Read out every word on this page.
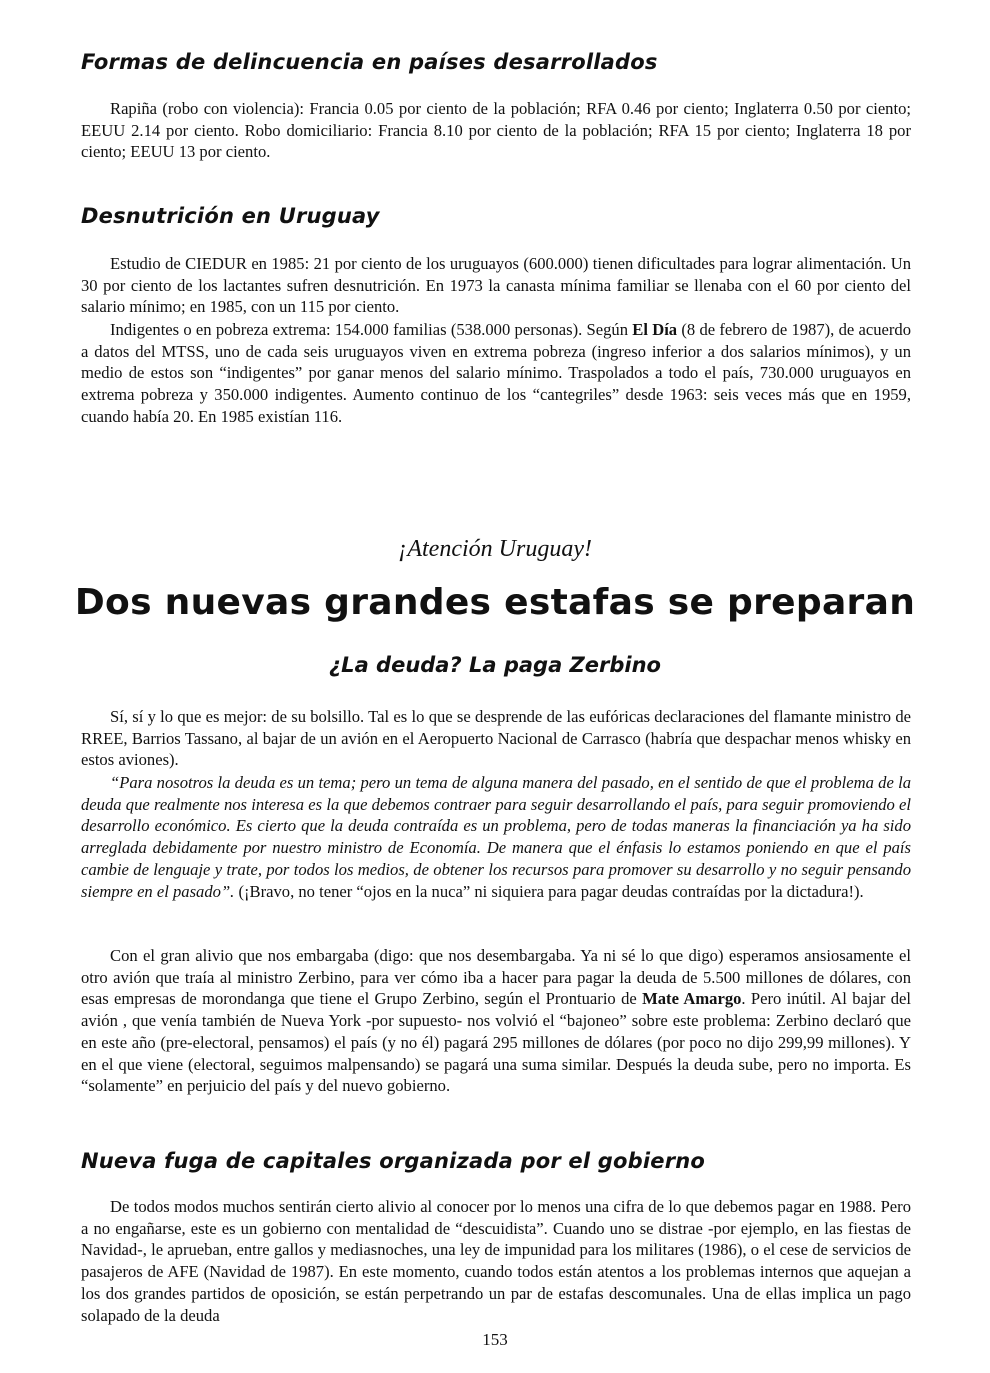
Formas de delincuencia en países desarrollados

Rapiña (robo con violencia): Francia 0.05 por ciento de la población; RFA 0.46 por ciento; Inglaterra 0.50 por ciento; EEUU 2.14 por ciento. Robo domiciliario: Francia 8.10 por ciento de la población; RFA 15 por ciento; Inglaterra 18 por ciento; EEUU 13 por ciento.

Desnutrición en Uruguay

Estudio de CIEDUR en 1985: 21 por ciento de los uruguayos (600.000) tienen dificultades para lograr alimentación. Un 30 por ciento de los lactantes sufren desnutrición. En 1973 la canasta mínima familiar se llenaba con el 60 por ciento del salario mínimo; en 1985, con un 115 por ciento.

Indigentes o en pobreza extrema: 154.000 familias (538.000 personas). Según El Día (8 de febrero de 1987), de acuerdo a datos del MTSS, uno de cada seis uruguayos viven en extrema pobreza (ingreso inferior a dos salarios mínimos), y un medio de estos son “indigentes” por ganar menos del salario mínimo. Traspolados a todo el país, 730.000 uruguayos en extrema pobreza y 350.000 indigentes. Aumento continuo de los “cantegriles” desde 1963: seis veces más que en 1959, cuando había 20. En 1985 existían 116.

¡Atención Uruguay!

Dos nuevas grandes estafas se preparan
¿La deuda? La paga Zerbino

Sí, sí y lo que es mejor: de su bolsillo. Tal es lo que se desprende de las eufóricas declaraciones del flamante ministro de RREE, Barrios Tassano, al bajar de un avión en el Aeropuerto Nacional de Carrasco (habría que despachar menos whisky en estos aviones).

“Para nosotros la deuda es un tema; pero un tema de alguna manera del pasado, en el sentido de que el problema de la deuda que realmente nos interesa es la que debemos contraer para seguir desarrollando el país, para seguir promoviendo el desarrollo económico. Es cierto que la deuda contraída es un problema, pero de todas maneras la financiación ya ha sido arreglada debidamente por nuestro ministro de Economía. De manera que el énfasis lo estamos poniendo en que el país cambie de lenguaje y trate, por todos los medios, de obtener los recursos para promover su desarrollo y no seguir pensando siempre en el pasado”. (¡Bravo, no tener “ojos en la nuca” ni siquiera para pagar deudas contraídas por la dictadura!).

Con el gran alivio que nos embargaba (digo: que nos desembargaba. Ya ni sé lo que digo) esperamos ansiosamente el otro avión que traía al ministro Zerbino, para ver cómo iba a hacer para pagar la deuda de 5.500 millones de dólares, con esas empresas de morondanga que tiene el Grupo Zerbino, según el Prontuario de Mate Amargo. Pero inútil. Al bajar del avión , que venía también de Nueva York -por supuesto- nos volvió el “bajoneo” sobre este problema: Zerbino declaró que en este año (pre-electoral, pensamos) el país (y no él) pagará 295 millones de dólares (por poco no dijo 299,99 millones). Y en el que viene (electoral, seguimos malpensando) se pagará una suma similar. Después la deuda sube, pero no importa. Es “solamente” en perjuicio del país y del nuevo gobierno.

Nueva fuga de capitales organizada por el gobierno

De todos modos muchos sentirán cierto alivio al conocer por lo menos una cifra de lo que debemos pagar en 1988. Pero a no engañarse, este es un gobierno con mentalidad de “descuidista”. Cuando uno se distrae -por ejemplo, en las fiestas de Navidad-, le aprueban, entre gallos y mediasnoches, una ley de impunidad para los militares (1986), o el cese de servicios de pasajeros de AFE (Navidad de 1987). En este momento, cuando todos están atentos a los problemas internos que aquejan a los dos grandes partidos de oposición, se están perpetrando un par de estafas descomunales. Una de ellas implica un pago solapado de la deuda

153
